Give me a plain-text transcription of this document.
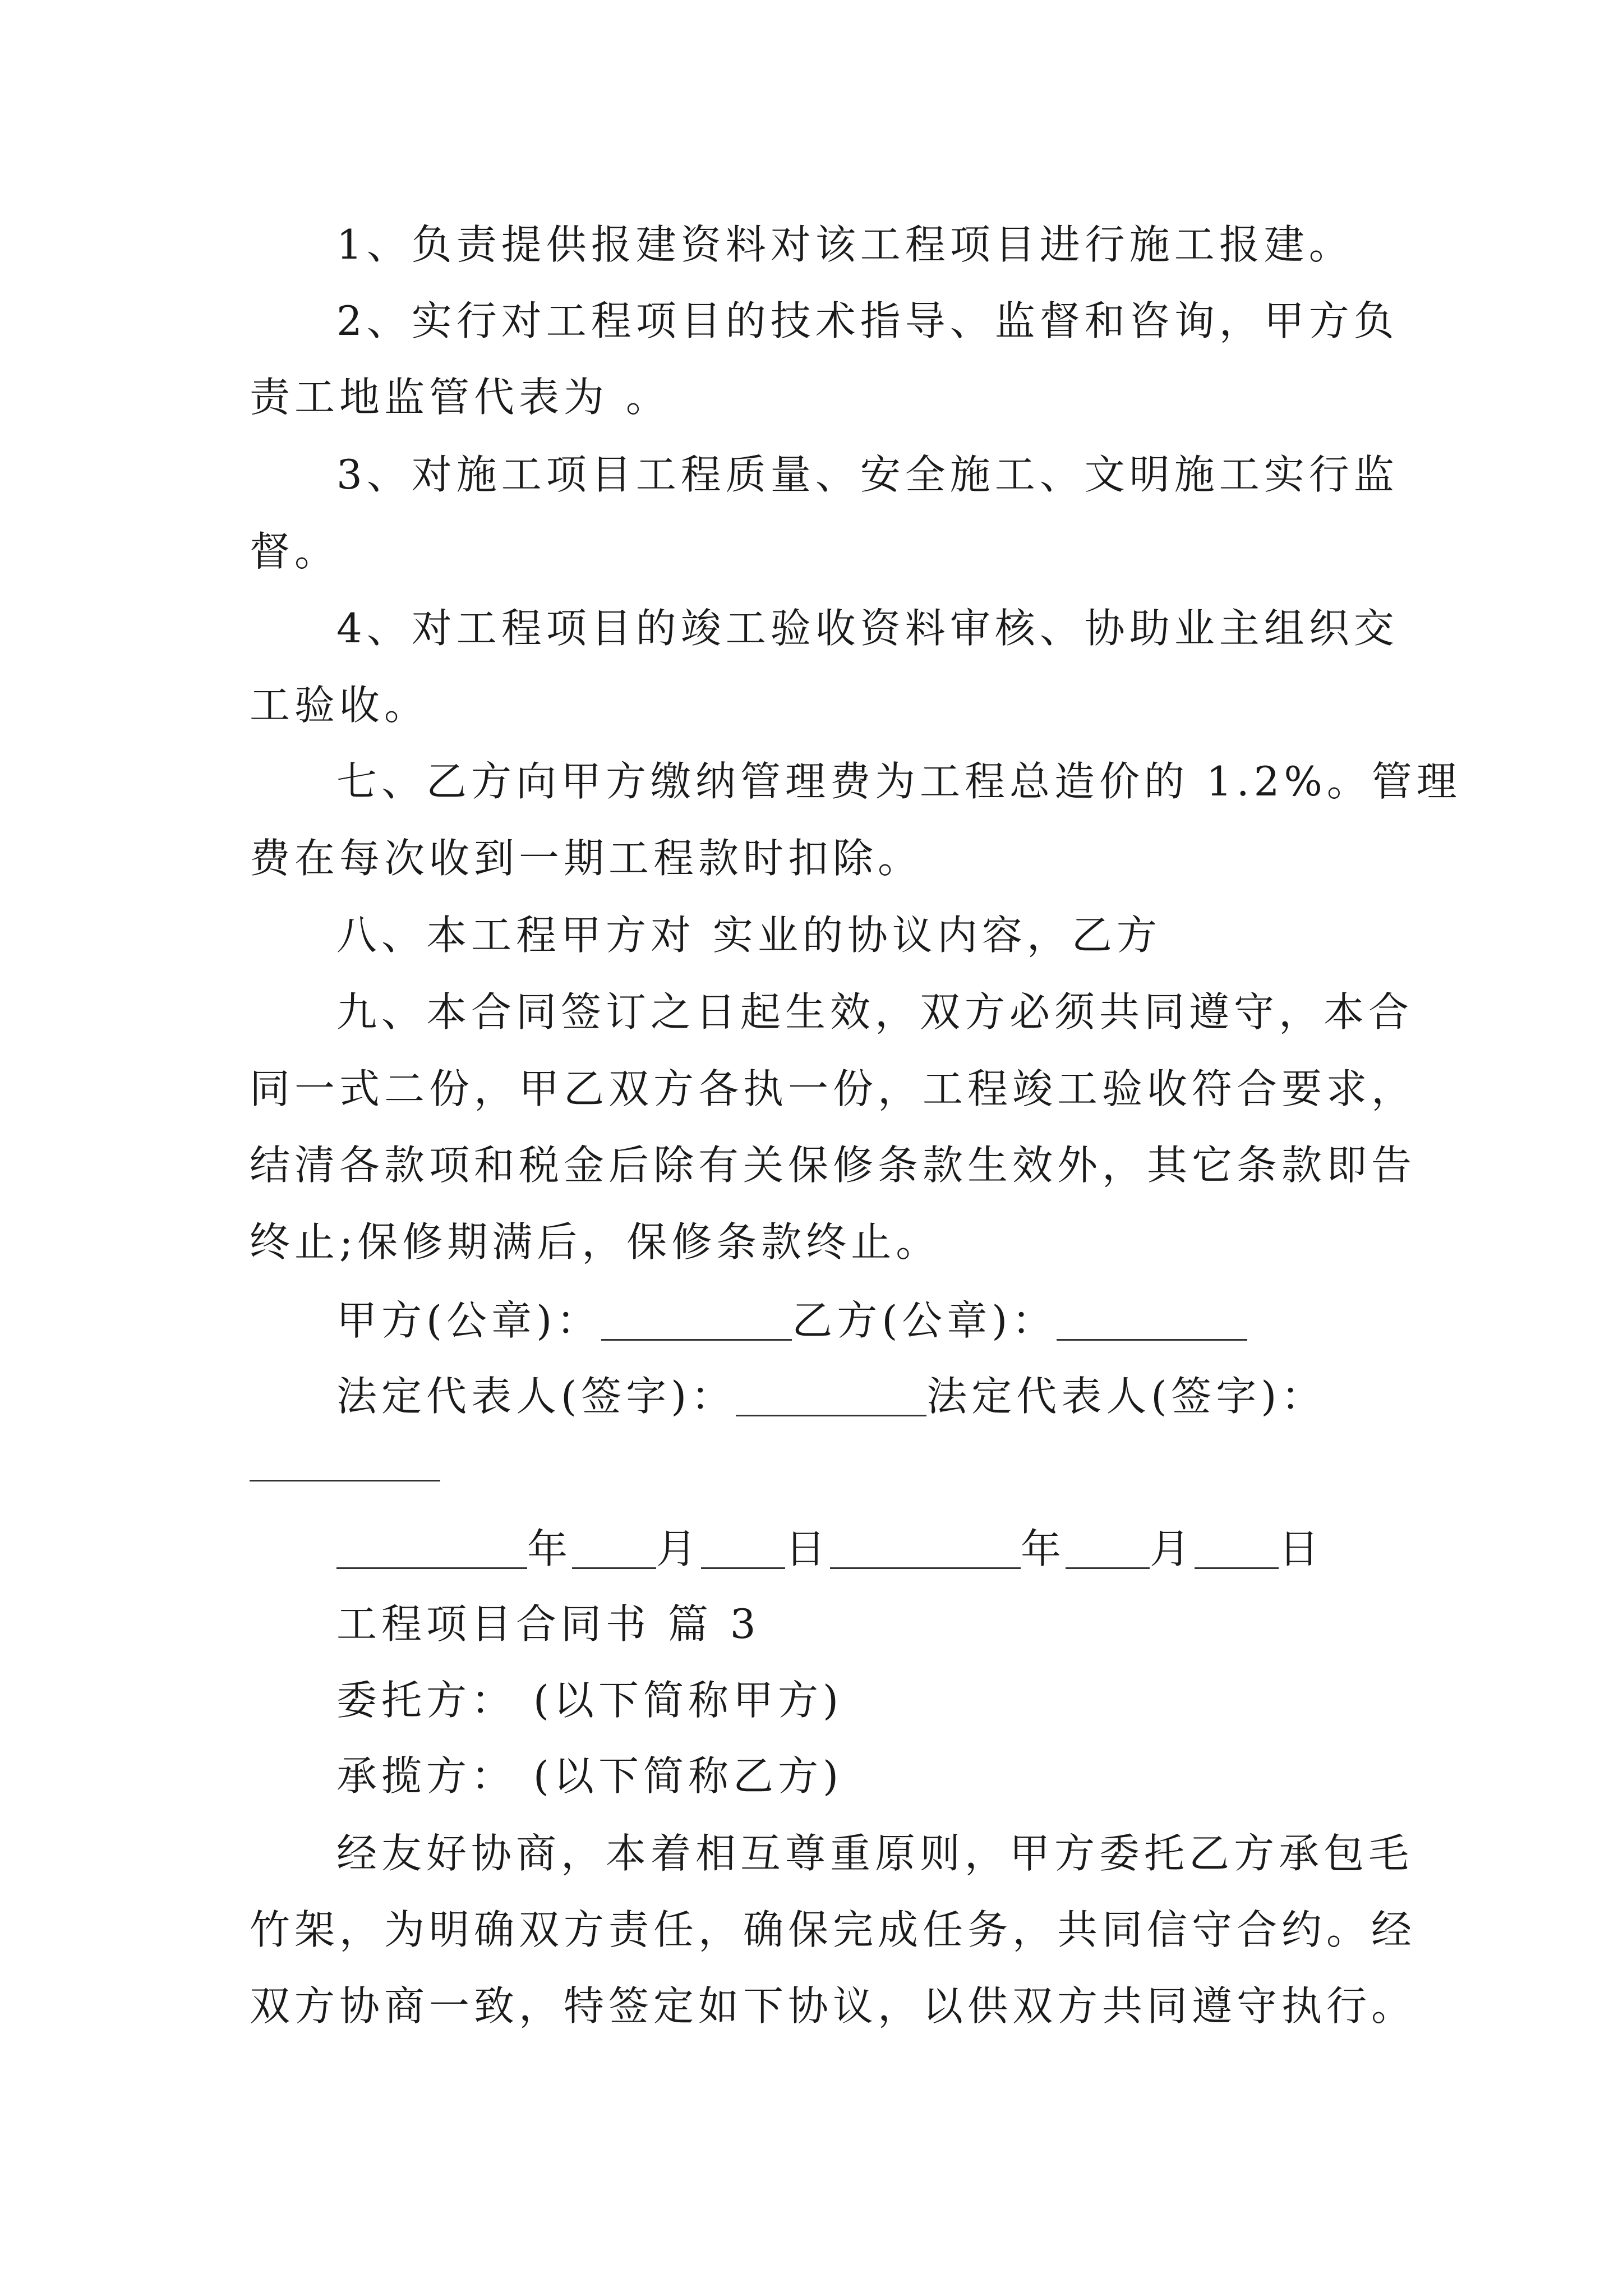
1、负责提供报建资料对该工程项目进行施工报建。
2、实行对工程项目的技术指导、监督和咨询，甲方负
责工地监管代表为 。
3、对施工项目工程质量、安全施工、文明施工实行监
督。
4、对工程项目的竣工验收资料审核、协助业主组织交
工验收。
七、乙方向甲方缴纳管理费为工程总造价的 1.2%。管理
费在每次收到一期工程款时扣除。
八、本工程甲方对 实业的协议内容，乙方
九、本合同签订之日起生效，双方必须共同遵守，本合
同一式二份，甲乙双方各执一份，工程竣工验收符合要求，
结清各款项和税金后除有关保修条款生效外，其它条款即告
终止;保修期满后，保修条款终止。
甲方(公章)：	乙方(公章)：
法定代表人(签字)：	法定代表人(签字)：
年 月 日	年 月 日
工程项目合同书 篇 3
委托方： (以下简称甲方)
承揽方： (以下简称乙方)
经友好协商，本着相互尊重原则，甲方委托乙方承包毛
竹架，为明确双方责任，确保完成任务，共同信守合约。经
双方协商一致，特签定如下协议，以供双方共同遵守执行。
